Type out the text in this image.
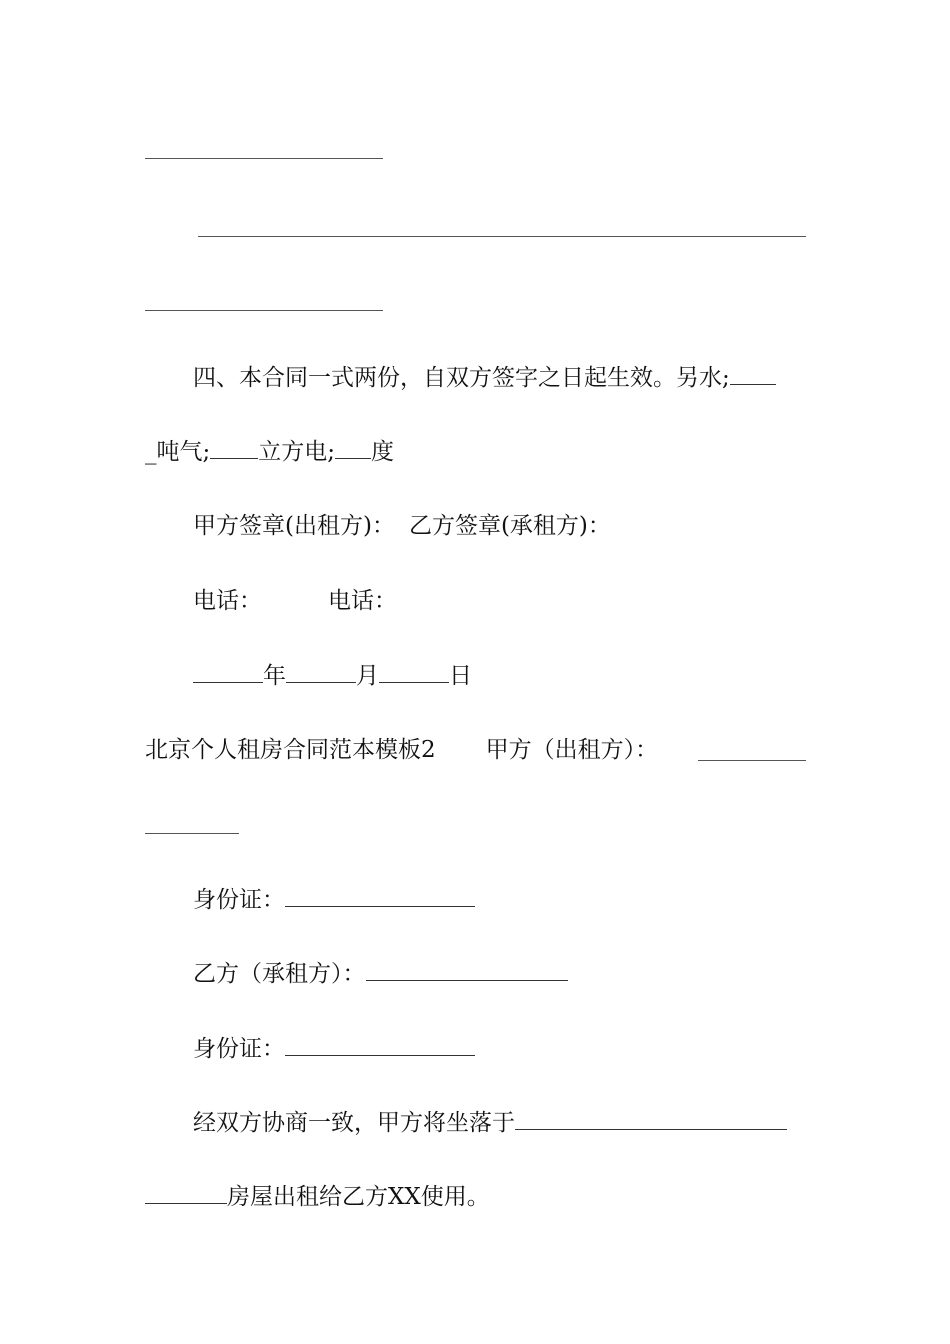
四、本合同一式两份，自双方签字之日起生效。另水;
_吨气; 立方电; 度
甲方签章(出租方)： 乙方签章(承租方)：
电话：	电话：
年	月	日
北京个人租房合同范本模板2 甲方（出租方）：
身份证：
乙方（承租方）：
身份证：
经双方协商一致，甲方将坐落于
房屋出租给乙方XX使用。
